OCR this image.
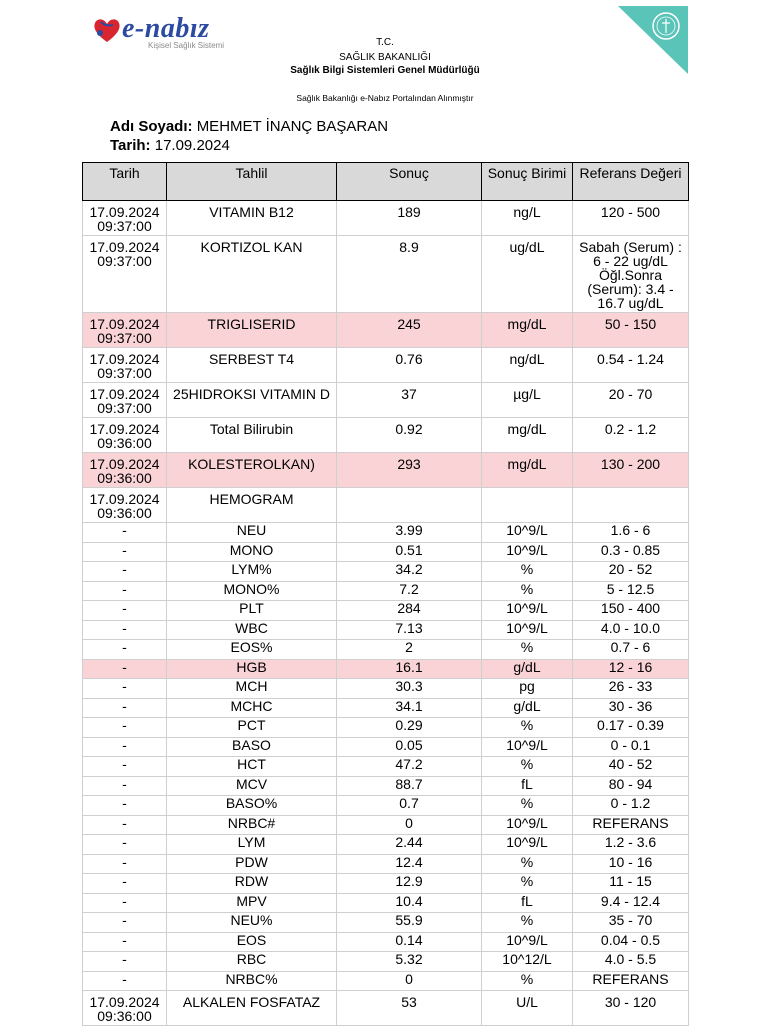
e-nabız
Kişisel Sağlık Sistemi	T.C.
SAĞLIK BAKANLIĞI
Sağlık Bilgi Sistemleri Genel Müdürlüğü
Sağlık Bakanlığı e-Nabız Portalından Alınmıştır
Adı Soyadı: MEHMET İNANÇ BAŞARAN
Tarih: 17.09.2024
Tarih	Tahlil	Sonuç	Sonuç Birimi	Referans Değeri
17.09.2024 09:37:00	VITAMIN B12	189	ng/L	120 - 500
17.09.2024 09:37:00	KORTIZOL KAN	8.9	ug/dL	Sabah (Serum) : 6 - 22 ug/dL Öğl.Sonra (Serum): 3.4 - 16.7 ug/dL
17.09.2024 09:37:00	TRIGLISERID	245	mg/dL	50 - 150
17.09.2024 09:37:00	SERBEST T4	0.76	ng/dL	0.54 - 1.24
17.09.2024 09:37:00	25HIDROKSI VITAMIN D	37	µg/L	20 - 70
17.09.2024 09:36:00	Total Bilirubin	0.92	mg/dL	0.2 - 1.2
17.09.2024 09:36:00	KOLESTEROLKAN)	293	mg/dL	130 - 200
17.09.2024 09:36:00	HEMOGRAM			
-	NEU	3.99	10^9/L	1.6 - 6
-	MONO	0.51	10^9/L	0.3 - 0.85
-	LYM%	34.2	%	20 - 52
-	MONO%	7.2	%	5 - 12.5
-	PLT	284	10^9/L	150 - 400
-	WBC	7.13	10^9/L	4.0 - 10.0
-	EOS%	2	%	0.7 - 6
-	HGB	16.1	g/dL	12 - 16
-	MCH	30.3	pg	26 - 33
-	MCHC	34.1	g/dL	30 - 36
-	PCT	0.29	%	0.17 - 0.39
-	BASO	0.05	10^9/L	0 - 0.1
-	HCT	47.2	%	40 - 52
-	MCV	88.7	fL	80 - 94
-	BASO%	0.7	%	0 - 1.2
-	NRBC#	0	10^9/L	REFERANS
-	LYM	2.44	10^9/L	1.2 - 3.6
-	PDW	12.4	%	10 - 16
-	RDW	12.9	%	11 - 15
-	MPV	10.4	fL	9.4 - 12.4
-	NEU%	55.9	%	35 - 70
-	EOS	0.14	10^9/L	0.04 - 0.5
-	RBC	5.32	10^12/L	4.0 - 5.5
-	NRBC%	0	%	REFERANS
17.09.2024 09:36:00	ALKALEN FOSFATAZ	53	U/L	30 - 120
